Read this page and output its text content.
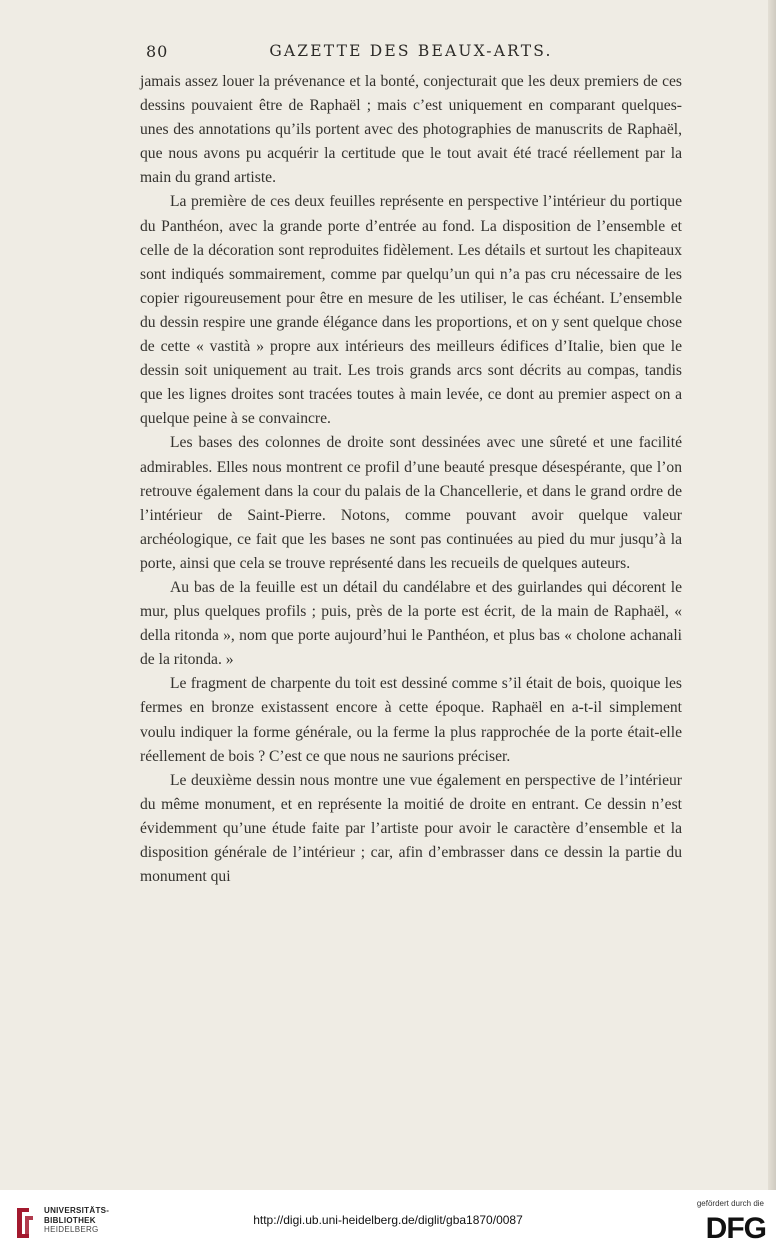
80	GAZETTE DES BEAUX-ARTS.

jamais assez louer la prévenance et la bonté, conjecturait que les deux premiers de ces dessins pouvaient être de Raphaël ; mais c’est uniquement en comparant quelques-unes des annotations qu’ils portent avec des photographies de manuscrits de Raphaël, que nous avons pu acquérir la certitude que le tout avait été tracé réellement par la main du grand artiste.

La première de ces deux feuilles représente en perspective l’intérieur du portique du Panthéon, avec la grande porte d’entrée au fond. La disposition de l’ensemble et celle de la décoration sont reproduites fidèlement. Les détails et surtout les chapiteaux sont indiqués sommairement, comme par quelqu’un qui n’a pas cru nécessaire de les copier rigoureusement pour être en mesure de les utiliser, le cas échéant. L’ensemble du dessin respire une grande élégance dans les proportions, et on y sent quelque chose de cette « vastità » propre aux intérieurs des meilleurs édifices d’Italie, bien que le dessin soit uniquement au trait. Les trois grands arcs sont décrits au compas, tandis que les lignes droites sont tracées toutes à main levée, ce dont au premier aspect on a quelque peine à se convaincre.

Les bases des colonnes de droite sont dessinées avec une sûreté et une facilité admirables. Elles nous montrent ce profil d’une beauté presque désespérante, que l’on retrouve également dans la cour du palais de la Chancellerie, et dans le grand ordre de l’intérieur de Saint-Pierre. Notons, comme pouvant avoir quelque valeur archéologique, ce fait que les bases ne sont pas continuées au pied du mur jusqu’à la porte, ainsi que cela se trouve représenté dans les recueils de quelques auteurs.

Au bas de la feuille est un détail du candélabre et des guirlandes qui décorent le mur, plus quelques profils ; puis, près de la porte est écrit, de la main de Raphaël, « della ritonda », nom que porte aujourd’hui le Panthéon, et plus bas « cholone achanali de la ritonda. »

Le fragment de charpente du toit est dessiné comme s’il était de bois, quoique les fermes en bronze existassent encore à cette époque. Raphaël en a-t-il simplement voulu indiquer la forme générale, ou la ferme la plus rapprochée de la porte était-elle réellement de bois ? C’est ce que nous ne saurions préciser.

Le deuxième dessin nous montre une vue également en perspective de l’intérieur du même monument, et en représente la moitié de droite en entrant. Ce dessin n’est évidemment qu’une étude faite par l’artiste pour avoir le caractère d’ensemble et la disposition générale de l’intérieur ; car, afin d’embrasser dans ce dessin la partie du monument qui

UNIVERSITÄTS-
BIBLIOTHEK
HEIDELBERG
http://digi.ub.uni-heidelberg.de/diglit/gba1870/0087
gefördert durch die
DFG
